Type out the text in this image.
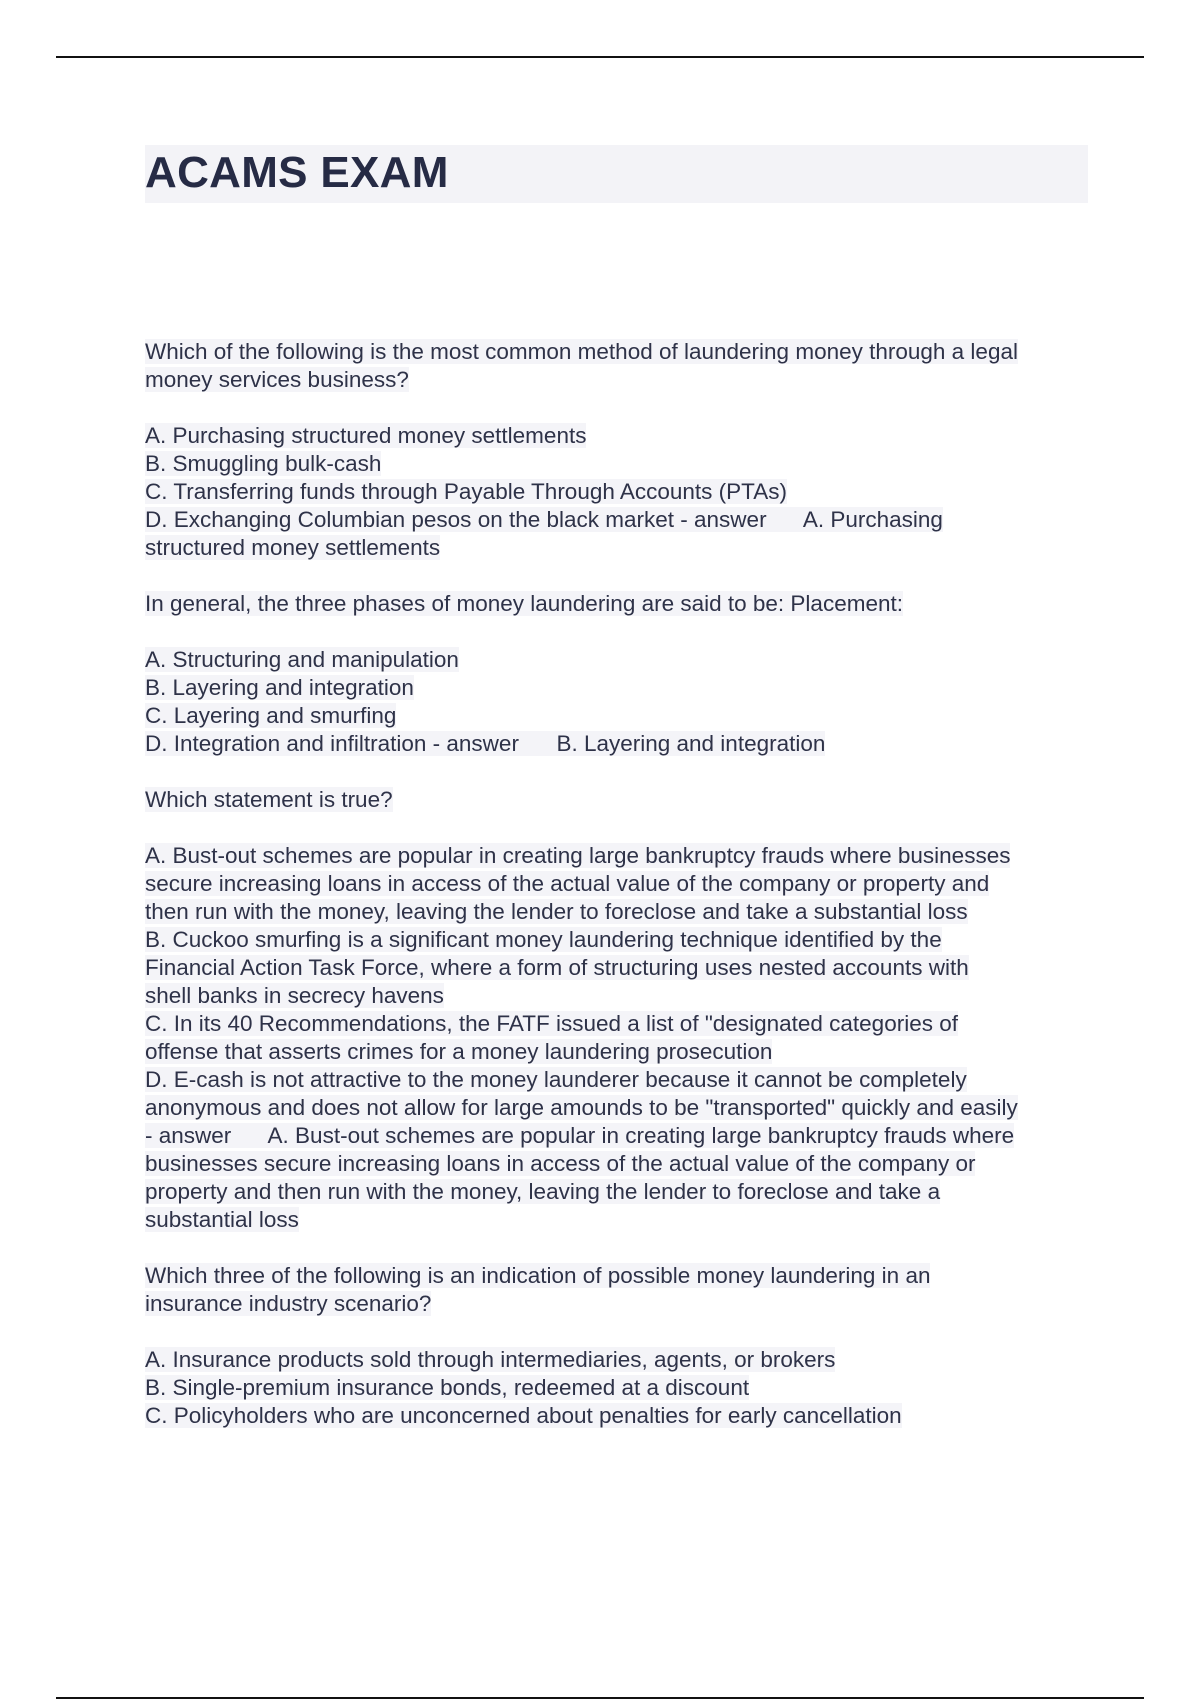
ACAMS EXAM
Which of the following is the most common method of laundering money through a legal
money services business?
A. Purchasing structured money settlements
B. Smuggling bulk-cash
C. Transferring funds through Payable Through Accounts (PTAs)
D. Exchanging Columbian pesos on the black market - answer      A. Purchasing
structured money settlements
In general, the three phases of money laundering are said to be: Placement:
A. Structuring and manipulation
B. Layering and integration
C. Layering and smurfing
D. Integration and infiltration - answer      B. Layering and integration
Which statement is true?
A. Bust-out schemes are popular in creating large bankruptcy frauds where businesses
secure increasing loans in access of the actual value of the company or property and
then run with the money, leaving the lender to foreclose and take a substantial loss
B. Cuckoo smurfing is a significant money laundering technique identified by the
Financial Action Task Force, where a form of structuring uses nested accounts with
shell banks in secrecy havens
C. In its 40 Recommendations, the FATF issued a list of "designated categories of
offense that asserts crimes for a money laundering prosecution
D. E-cash is not attractive to the money launderer because it cannot be completely
anonymous and does not allow for large amounds to be "transported" quickly and easily
- answer      A. Bust-out schemes are popular in creating large bankruptcy frauds where
businesses secure increasing loans in access of the actual value of the company or
property and then run with the money, leaving the lender to foreclose and take a
substantial loss
Which three of the following is an indication of possible money laundering in an
insurance industry scenario?
A. Insurance products sold through intermediaries, agents, or brokers
B. Single-premium insurance bonds, redeemed at a discount
C. Policyholders who are unconcerned about penalties for early cancellation
